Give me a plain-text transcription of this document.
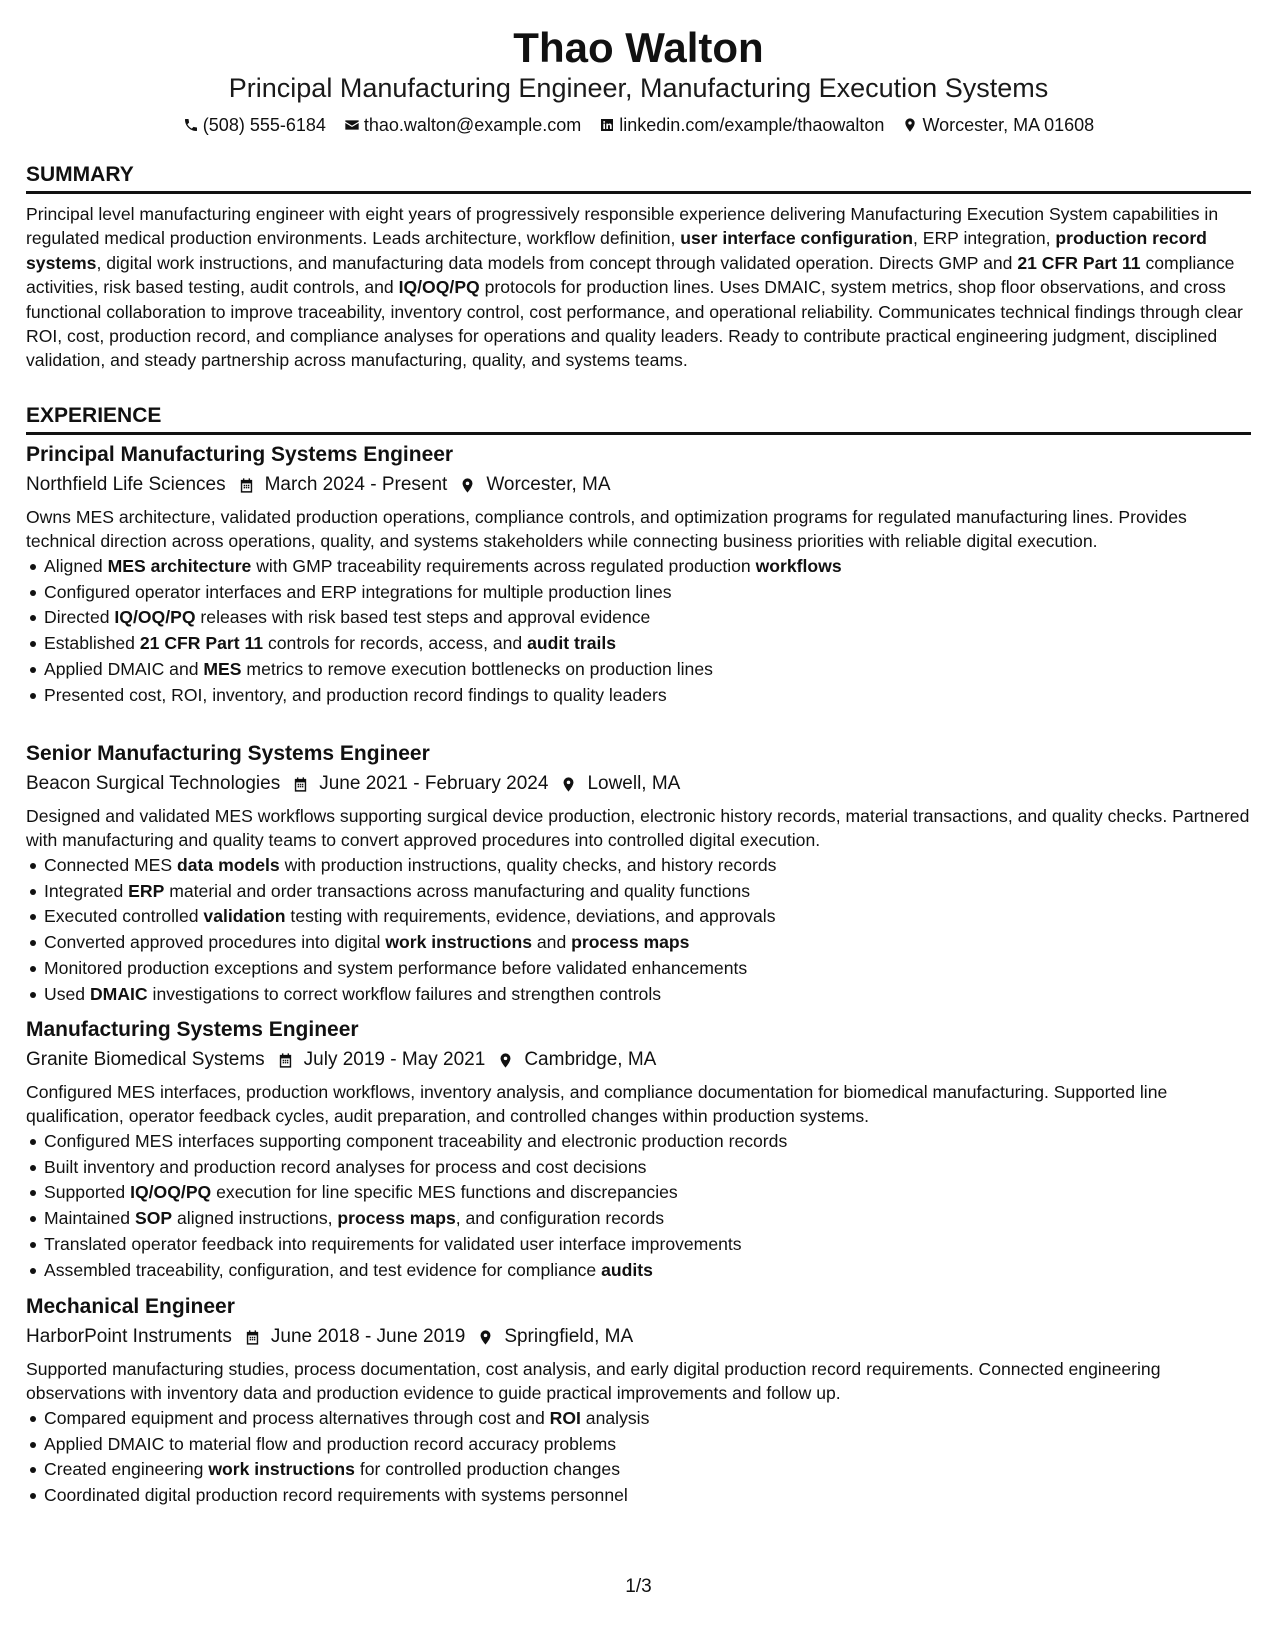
Thao Walton
Principal Manufacturing Engineer, Manufacturing Execution Systems
(508) 555-6184 thao.walton@example.com linkedin.com/example/thaowalton Worcester, MA 01608
SUMMARY
Principal level manufacturing engineer with eight years of progressively responsible experience delivering Manufacturing Execution System capabilities in regulated medical production environments. Leads architecture, workflow definition, user interface configuration, ERP integration, production record systems, digital work instructions, and manufacturing data models from concept through validated operation. Directs GMP and 21 CFR Part 11 compliance activities, risk based testing, audit controls, and IQ/OQ/PQ protocols for production lines. Uses DMAIC, system metrics, shop floor observations, and cross functional collaboration to improve traceability, inventory control, cost performance, and operational reliability. Communicates technical findings through clear ROI, cost, production record, and compliance analyses for operations and quality leaders. Ready to contribute practical engineering judgment, disciplined validation, and steady partnership across manufacturing, quality, and systems teams.
EXPERIENCE
Principal Manufacturing Systems Engineer
Northfield Life Sciences March 2024 - Present Worcester, MA
Owns MES architecture, validated production operations, compliance controls, and optimization programs for regulated manufacturing lines. Provides technical direction across operations, quality, and systems stakeholders while connecting business priorities with reliable digital execution.
Aligned MES architecture with GMP traceability requirements across regulated production workflows
Configured operator interfaces and ERP integrations for multiple production lines
Directed IQ/OQ/PQ releases with risk based test steps and approval evidence
Established 21 CFR Part 11 controls for records, access, and audit trails
Applied DMAIC and MES metrics to remove execution bottlenecks on production lines
Presented cost, ROI, inventory, and production record findings to quality leaders
Senior Manufacturing Systems Engineer
Beacon Surgical Technologies June 2021 - February 2024 Lowell, MA
Designed and validated MES workflows supporting surgical device production, electronic history records, material transactions, and quality checks. Partnered with manufacturing and quality teams to convert approved procedures into controlled digital execution.
Connected MES data models with production instructions, quality checks, and history records
Integrated ERP material and order transactions across manufacturing and quality functions
Executed controlled validation testing with requirements, evidence, deviations, and approvals
Converted approved procedures into digital work instructions and process maps
Monitored production exceptions and system performance before validated enhancements
Used DMAIC investigations to correct workflow failures and strengthen controls
Manufacturing Systems Engineer
Granite Biomedical Systems July 2019 - May 2021 Cambridge, MA
Configured MES interfaces, production workflows, inventory analysis, and compliance documentation for biomedical manufacturing. Supported line qualification, operator feedback cycles, audit preparation, and controlled changes within production systems.
Configured MES interfaces supporting component traceability and electronic production records
Built inventory and production record analyses for process and cost decisions
Supported IQ/OQ/PQ execution for line specific MES functions and discrepancies
Maintained SOP aligned instructions, process maps, and configuration records
Translated operator feedback into requirements for validated user interface improvements
Assembled traceability, configuration, and test evidence for compliance audits
Mechanical Engineer
HarborPoint Instruments June 2018 - June 2019 Springfield, MA
Supported manufacturing studies, process documentation, cost analysis, and early digital production record requirements. Connected engineering observations with inventory data and production evidence to guide practical improvements and follow up.
Compared equipment and process alternatives through cost and ROI analysis
Applied DMAIC to material flow and production record accuracy problems
Created engineering work instructions for controlled production changes
Coordinated digital production record requirements with systems personnel
1/3
